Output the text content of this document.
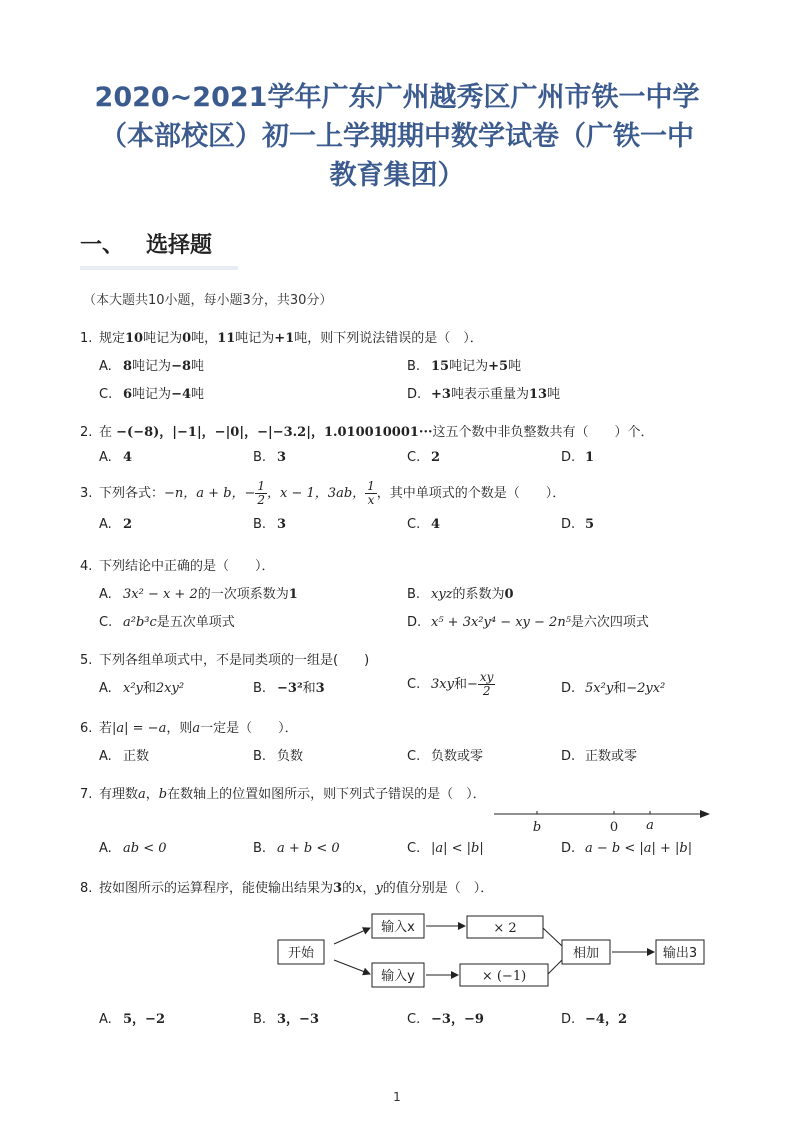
2020~2021学年广东广州越秀区广州市铁一中学
（本部校区）初一上学期期中数学试卷（广铁一中
教育集团）
一、 选择题
（本大题共10小题，每小题3分，共30分）
1. 规定10吨记为0吨，11吨记为+1吨，则下列说法错误的是（　）．
A. 8吨记为−8吨	B. 15吨记为+5吨
C. 6吨记为−4吨	D. +3吨表示重量为13吨
2. 在 −(−8)，|−1|，−|0|，−|−3.2|，1.010010001···这五个数中非负整数共有（　　）个．
A. 4	B. 3	C. 2	D. 1
3. 下列各式：−n，a + b，− $\frac{1}{2}$ ，x − 1，3ab， $\frac{1}{x}$ ，其中单项式的个数是（　　）．
A. 2	B. 3	C. 4	D. 5
4. 下列结论中正确的是（　　）．
A. 3x² − x + 2的一次项系数为1	B. xyz的系数为0
C. a²b³c是五次单项式	D. x⁵ + 3x²y⁴ − xy − 2n⁵是六次四项式
5. 下列各组单项式中，不是同类项的一组是(　　)
A. x²y和2xy²	B. −3²和3	C. 3xy和− $\frac{xy}{2}$	D. 5x²y和−2yx²
6. 若|a| = −a，则a一定是（　　）．
A. 正数	B. 负数	C. 负数或零	D. 正数或零
7. 有理数a，b在数轴上的位置如图所示，则下列式子错误的是（　）．
b	0 a
A. ab < 0	B. a + b < 0	C. |a| < |b|	D. a − b < |a| + |b|
8. 按如图所示的运算程序，能使输出结果为3的x，y的值分别是（　）．
开始
输入x
输入y
× 2
× (−1)
相加	输出3
A. 5，−2	B. 3，−3	C. −3，−9	D. −4，2
1
